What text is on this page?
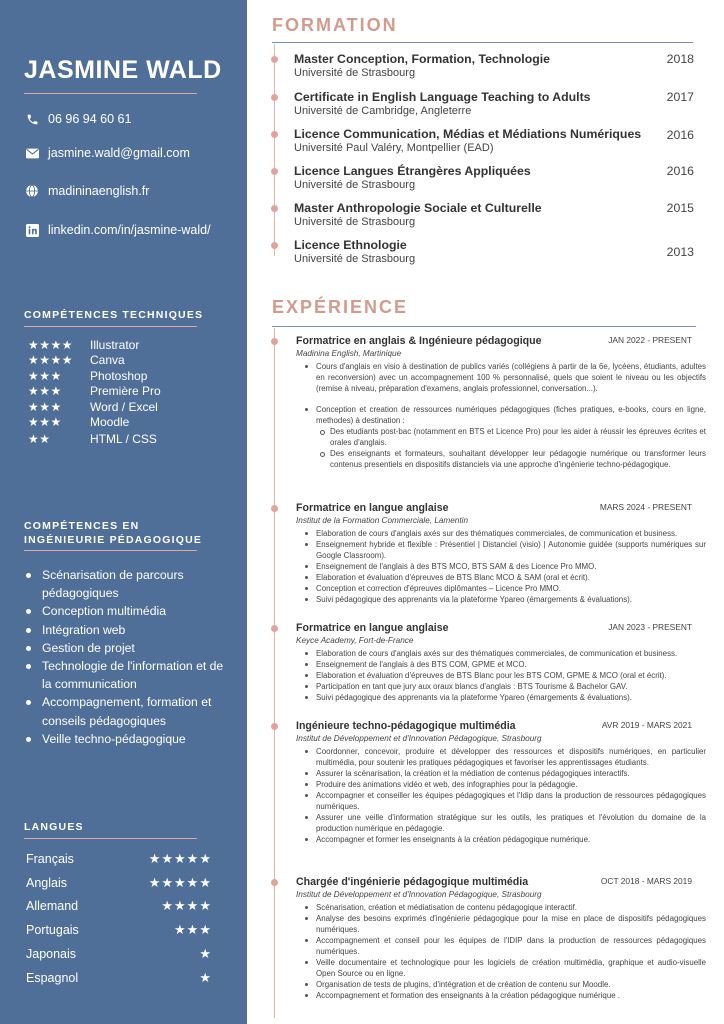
JASMINE WALD
06 96 94 60 61
jasmine.wald@gmail.com
madininaenglish.fr
linkedin.com/in/jasmine-wald/
COMPÉTENCES TECHNIQUES
★★★★	Illustrator
★★★★	Canva
★★★	Photoshop
★★★	Première Pro
★★★	Word / Excel
★★★	Moodle
★★	HTML / CSS
COMPÉTENCES EN
INGÉNIEURIE PÉDAGOGIQUE
Scénarisation de parcours pédagogiques
Conception multimédia
Intégration web
Gestion de projet
Technologie de l'information et de la communication
Accompagnement, formation et conseils pédagogiques
Veille techno-pédagogique
LANGUES
Français	★★★★★
Anglais	★★★★★
Allemand	★★★★
Portugais	★★★
Japonais	★
Espagnol	★
FORMATION
Master Conception, Formation, Technologie
Université de Strasbourg
2018
Certificate in English Language Teaching to Adults
Université de Cambridge, Angleterre
2017
Licence Communication, Médias et Médiations Numériques
Université Paul Valéry, Montpellier (EAD)
2016
Licence Langues Étrangères Appliquées
Université de Strasbourg
2016
Master Anthropologie Sociale et Culturelle
Université de Strasbourg
2015
Licence Ethnologie
Université de Strasbourg	2013
EXPÉRIENCE
Formatrice en anglais & Ingénieure pédagogique	JAN 2022 - PRESENT
Madinina English, Martinique
Cours d'anglais en visio à destination de publics variés (collégiens à partir de la 6e, lycéens, étudiants, adultes en reconversion) avec un accompagnement 100 % personnalisé, quels que soient le niveau ou les objectifs (remise à niveau, préparation d'examens, anglais professionnel, conversation...).
Conception et creation de ressources numériques pédagogiques (fiches pratiques, e-books, cours en ligne, methodes) à destination :
Des etudiants post-bac (notamment en BTS et Licence Pro) pour les aider à réussir les épreuves écrites et orales d'anglais.
Des enseignants et formateurs, souhaitant développer leur pédagogie numérique ou transformer leurs contenus presentiels en dispositifs distanciels via une approche d'ingénierie techno-pédagogique.
Formatrice en langue anglaise	MARS 2024 - PRESENT
Institut de la Formation Commerciale, Lamentin
Elaboration de cours d'anglais axés sur des thématiques commerciales, de communication et business.
Enseignement hybride et flexible : Présentiel | Distanciel (visio) | Autonomie guidée (supports numériques sur Google Classroom).
Enseignement de l'anglais à des BTS MCO, BTS SAM & des Licence Pro MMO.
Elaboration et évaluation d'épreuves de BTS Blanc MCO & SAM (oral et écrit).
Conception et correction d'épreuves diplômantes – Licence Pro MMO.
Suivi pédagogique des apprenants via la plateforme Ypareo (émargements & évaluations).
Formatrice en langue anglaise	JAN 2023 - PRESENT
Keyce Academy, Fort-de-France
Elaboration de cours d'anglais axés sur des thématiques commerciales, de communication et business.
Enseignement de l'anglais à des BTS COM, GPME et MCO.
Elaboration et évaluation d'épreuves de BTS Blanc pour les BTS COM, GPME & MCO (oral et écrit).
Participation en tant que jury aux oraux blancs d'anglais : BTS Tourisme & Bachelor GAV.
Suivi pédagogique des apprenants via la plateforme Ypareo (émargements & évaluations).
Ingénieure techno-pédagogique multimédia	AVR 2019 - MARS 2021
Institut de Développement et d'Innovation Pédagogique, Strasbourg
Coordonner, concevoir, produire et développer des ressources et dispositifs numériques, en particulier multimédia, pour soutenir les pratiques pédagogiques et favoriser les apprentissages étudiants.
Assurer la scénarisation, la création et la médiation de contenus pédagogiques interactifs.
Produire des animations vidéo et web, des infographies pour la pédagogie.
Accompagner et conseiller les équipes pédagogiques et l'Idip dans la production de ressources pédagogiques numériques.
Assurer une veille d'information stratégique sur les outils, les pratiques et l'évolution du domaine de la production numérique en pédagogie.
Accompagner et former les enseignants à la création pédagogique numérique.
Chargée d'ingénierie pédagogique multimédia	OCT 2018 - MARS 2019
Institut de Développement et d'Innovation Pédagogique, Strasbourg
Scénarisation, création et médiatisation de contenu pédagogique interactif.
Analyse des besoins exprimés d'ingénierie pédagogique pour la mise en place de dispositifs pédagogiques numériques.
Accompagnement et conseil pour les équipes de l'IDIP dans la production de ressources pédagogiques numériques.
Veille documentaire et technologique pour les logiciels de création multimédia, graphique et audio-visuelle Open Source ou en ligne.
Organisation de tests de plugins, d'intégration et de création de contenu sur Moodle.
Accompagnement et formation des enseignants à la création pédagogique numérique .
